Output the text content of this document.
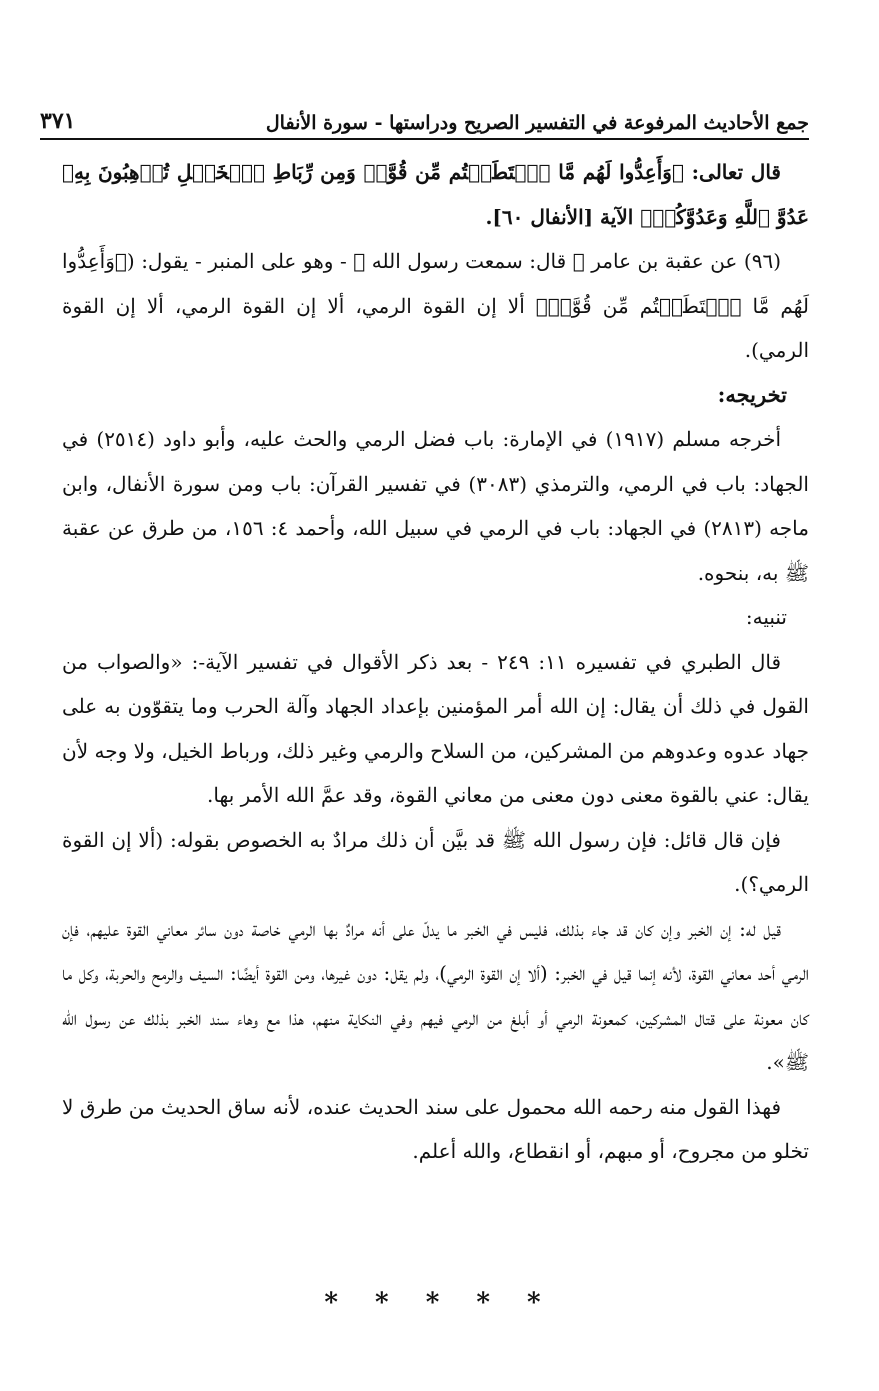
جمع الأحاديث المرفوعة في التفسير الصريح ودراستها - سورة الأنفال
٣٧١

قال تعالى: ﴿وَأَعِدُّوا لَهُم مَّا ٱسۡتَطَعۡتُم مِّن قُوَّةٖ وَمِن رِّبَاطِ ٱلۡخَيۡلِ تُرۡهِبُونَ بِهِۦ عَدُوَّ ٱللَّهِ وَعَدُوَّكُمۡ﴾ الآية [الأنفال ٦٠].

(٩٦) عن عقبة بن عامر ﷺ قال: سمعت رسول الله ﷺ - وهو على المنبر - يقول: (﴿وَأَعِدُّوا لَهُم مَّا ٱسۡتَطَعۡتُم مِّن قُوَّةٖ﴾ ألا إن القوة الرمي، ألا إن القوة الرمي، ألا إن القوة الرمي).

تخريجه:

أخرجه مسلم (١٩١٧) في الإمارة: باب فضل الرمي والحث عليه، وأبو داود (٢٥١٤) في الجهاد: باب في الرمي، والترمذي (٣٠٨٣) في تفسير القرآن: باب ومن سورة الأنفال، وابن ماجه (٢٨١٣) في الجهاد: باب في الرمي في سبيل الله، وأحمد ٤: ١٥٦، من طرق عن عقبة ﷺ به، بنحوه.

تنبيه:

قال الطبري في تفسيره ١١: ٢٤٩ - بعد ذكر الأقوال في تفسير الآية-: «والصواب من القول في ذلك أن يقال: إن الله أمر المؤمنين بإعداد الجهاد وآلة الحرب وما يتقوّون به على جهاد عدوه وعدوهم من المشركين، من السلاح والرمي وغير ذلك، ورباط الخيل، ولا وجه لأن يقال: عني بالقوة معنى دون معنى من معاني القوة، وقد عمَّ الله الأمر بها.

فإن قال قائل: فإن رسول الله ﷺ قد بيَّن أن ذلك مرادٌ به الخصوص بقوله: (ألا إن القوة الرمي؟).

قيل له: إن الخبر وإن كان قد جاء بذلك، فليس في الخبر ما يدلّ على أنه مرادٌ بها الرمي خاصة دون سائر معاني القوة عليهم، فإن الرمي أحد معاني القوة، لأنه إنما قيل في الخبر: (ألا إن القوة الرمي)، ولم يقل: دون غيرها، ومن القوة أيضًا: السيف والرمح والحربة، وكل ما كان معونة على قتال المشركين، كمعونة الرمي أو أبلغ من الرمي فيهم وفي النكاية منهم، هذا مع وهاء سند الخبر بذلك عن رسول الله ﷺ».

فهذا القول منه رحمه الله محمول على سند الحديث عنده، لأنه ساق الحديث من طرق لا تخلو من مجروح، أو مبهم، أو انقطاع، والله أعلم.

* * * * *
